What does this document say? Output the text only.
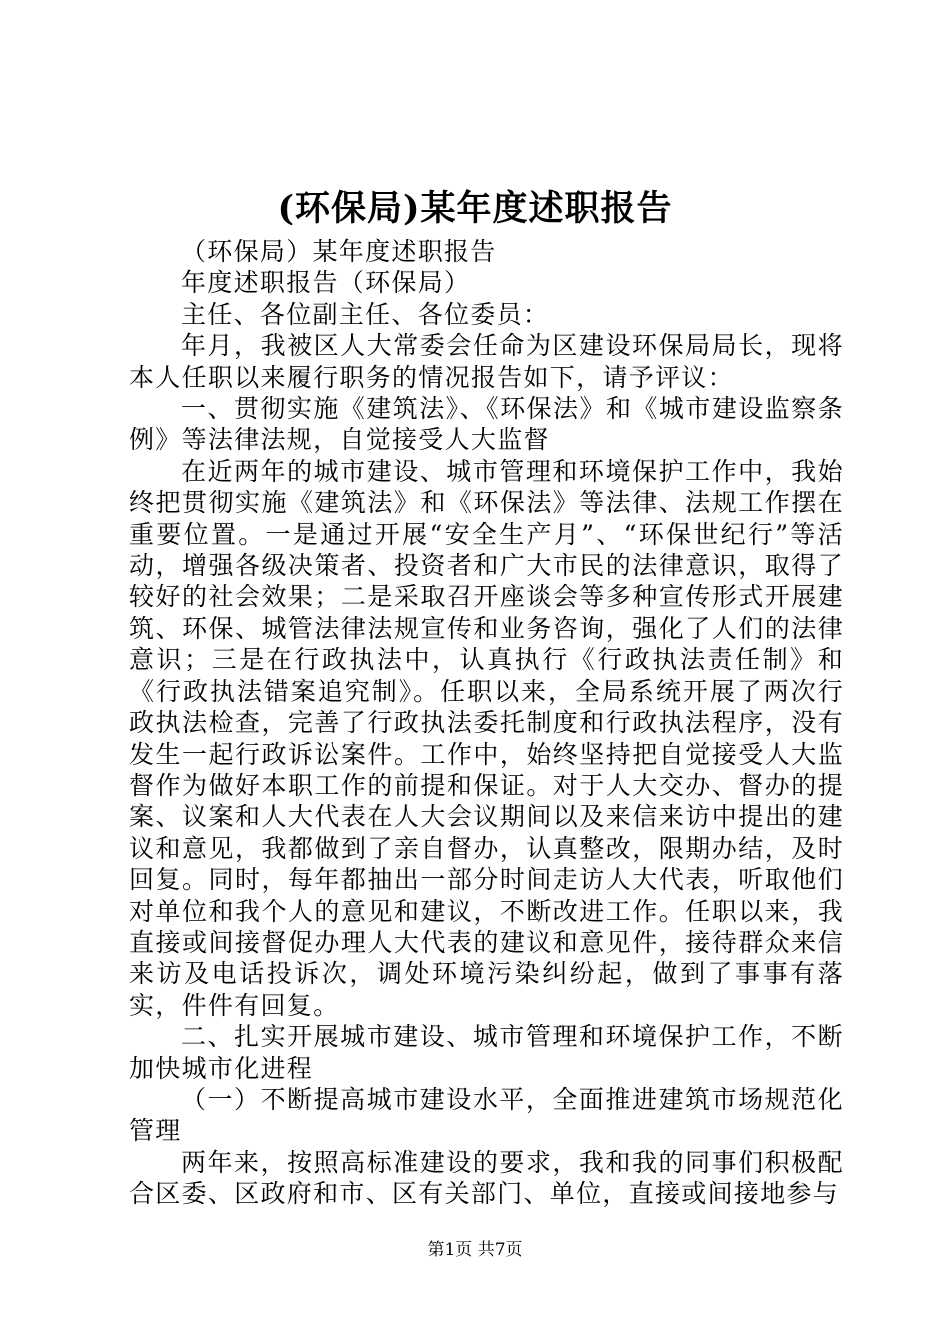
(环保局)某年度述职报告

（环保局）某年度述职报告

年度述职报告（环保局）

主任、各位副主任、各位委员：

年月，我被区人大常委会任命为区建设环保局局长，现将本人任职以来履行职务的情况报告如下，请予评议：

一、贯彻实施《建筑法》、《环保法》和《城市建设监察条例》等法律法规，自觉接受人大监督

在近两年的城市建设、城市管理和环境保护工作中，我始终把贯彻实施《建筑法》和《环保法》等法律、法规工作摆在重要位置。一是通过开展“安全生产月”、“环保世纪行”等活动，增强各级决策者、投资者和广大市民的法律意识，取得了较好的社会效果；二是采取召开座谈会等多种宣传形式开展建筑、环保、城管法律法规宣传和业务咨询，强化了人们的法律意识；三是在行政执法中，认真执行《行政执法责任制》和《行政执法错案追究制》。任职以来，全局系统开展了两次行政执法检查，完善了行政执法委托制度和行政执法程序，没有发生一起行政诉讼案件。工作中，始终坚持把自觉接受人大监督作为做好本职工作的前提和保证。对于人大交办、督办的提案、议案和人大代表在人大会议期间以及来信来访中提出的建议和意见，我都做到了亲自督办，认真整改，限期办结，及时回复。同时，每年都抽出一部分时间走访人大代表，听取他们对单位和我个人的意见和建议，不断改进工作。任职以来，我直接或间接督促办理人大代表的建议和意见件，接待群众来信来访及电话投诉次，调处环境污染纠纷起，做到了事事有落实，件件有回复。

二、扎实开展城市建设、城市管理和环境保护工作，不断加快城市化进程

（一）不断提高城市建设水平，全面推进建筑市场规范化管理

两年来，按照高标准建设的要求，我和我的同事们积极配合区委、区政府和市、区有关部门、单位，直接或间接地参与

第1页 共7页
